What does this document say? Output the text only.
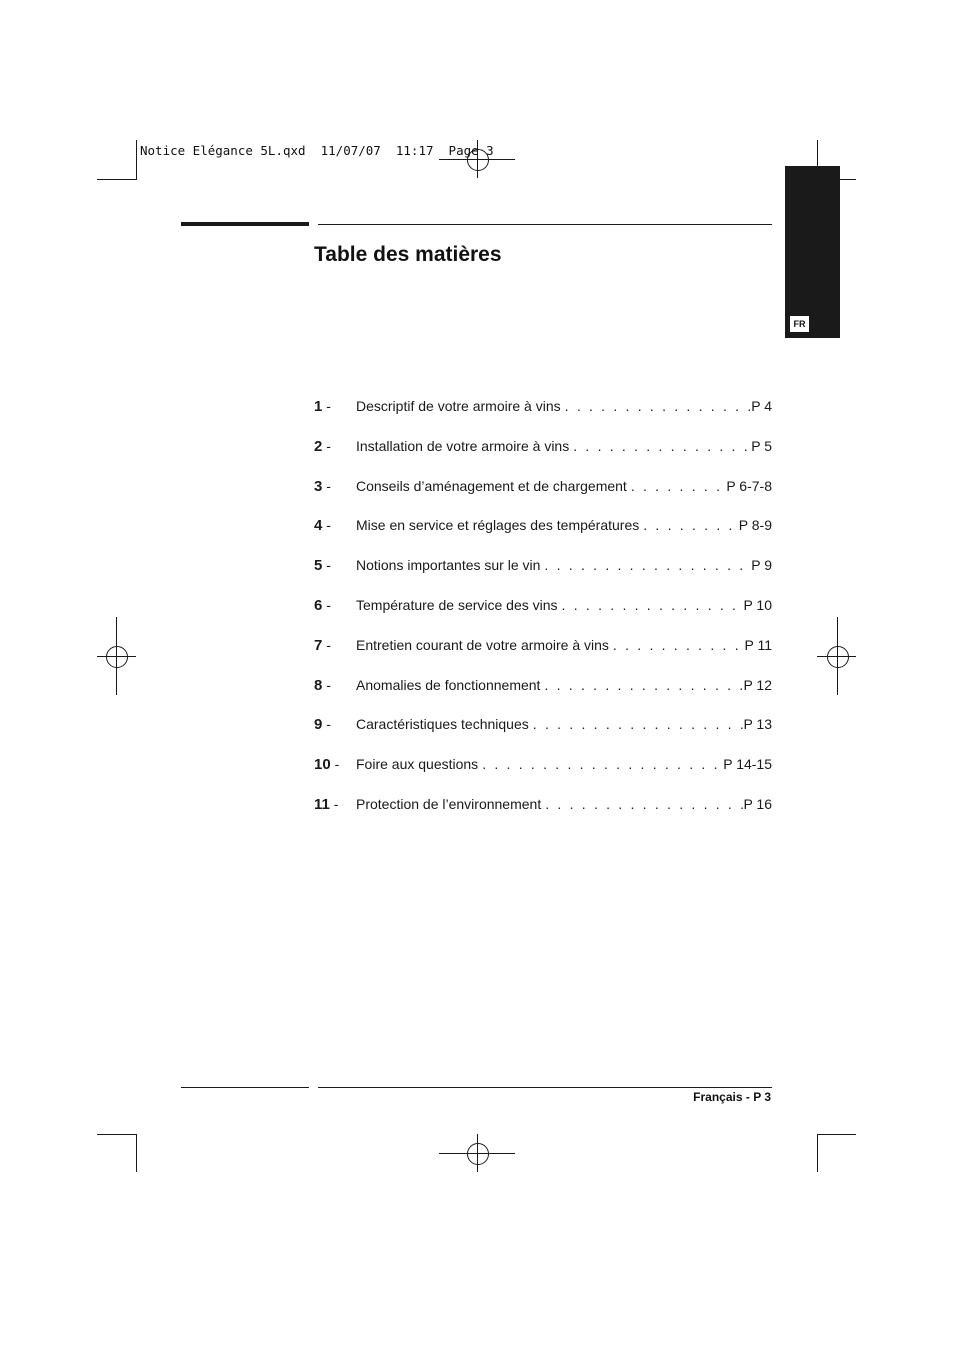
Notice Elégance 5L.qxd  11/07/07  11:17  Page 3
FR
Table des matières
1 -	Descriptif de votre armoire à vins . . .	P 4
2 -	Installation de votre armoire à vins . . .	P 5
3 -	Conseils d’aménagement et de chargement . . .	P 6-7-8
4 -	Mise en service et réglages des températures . . .	P 8-9
5 -	Notions importantes sur le vin . . .	P 9
6 -	Température de service des vins . . .	P 10
7 -	Entretien courant de votre armoire à vins . . .	P 11
8 -	Anomalies de fonctionnement . . .	P 12
9 -	Caractéristiques techniques . . .	P 13
10 -	Foire aux questions . . .	P 14-15
11 -	Protection de l’environnement . . .	P 16
Français - P 3
